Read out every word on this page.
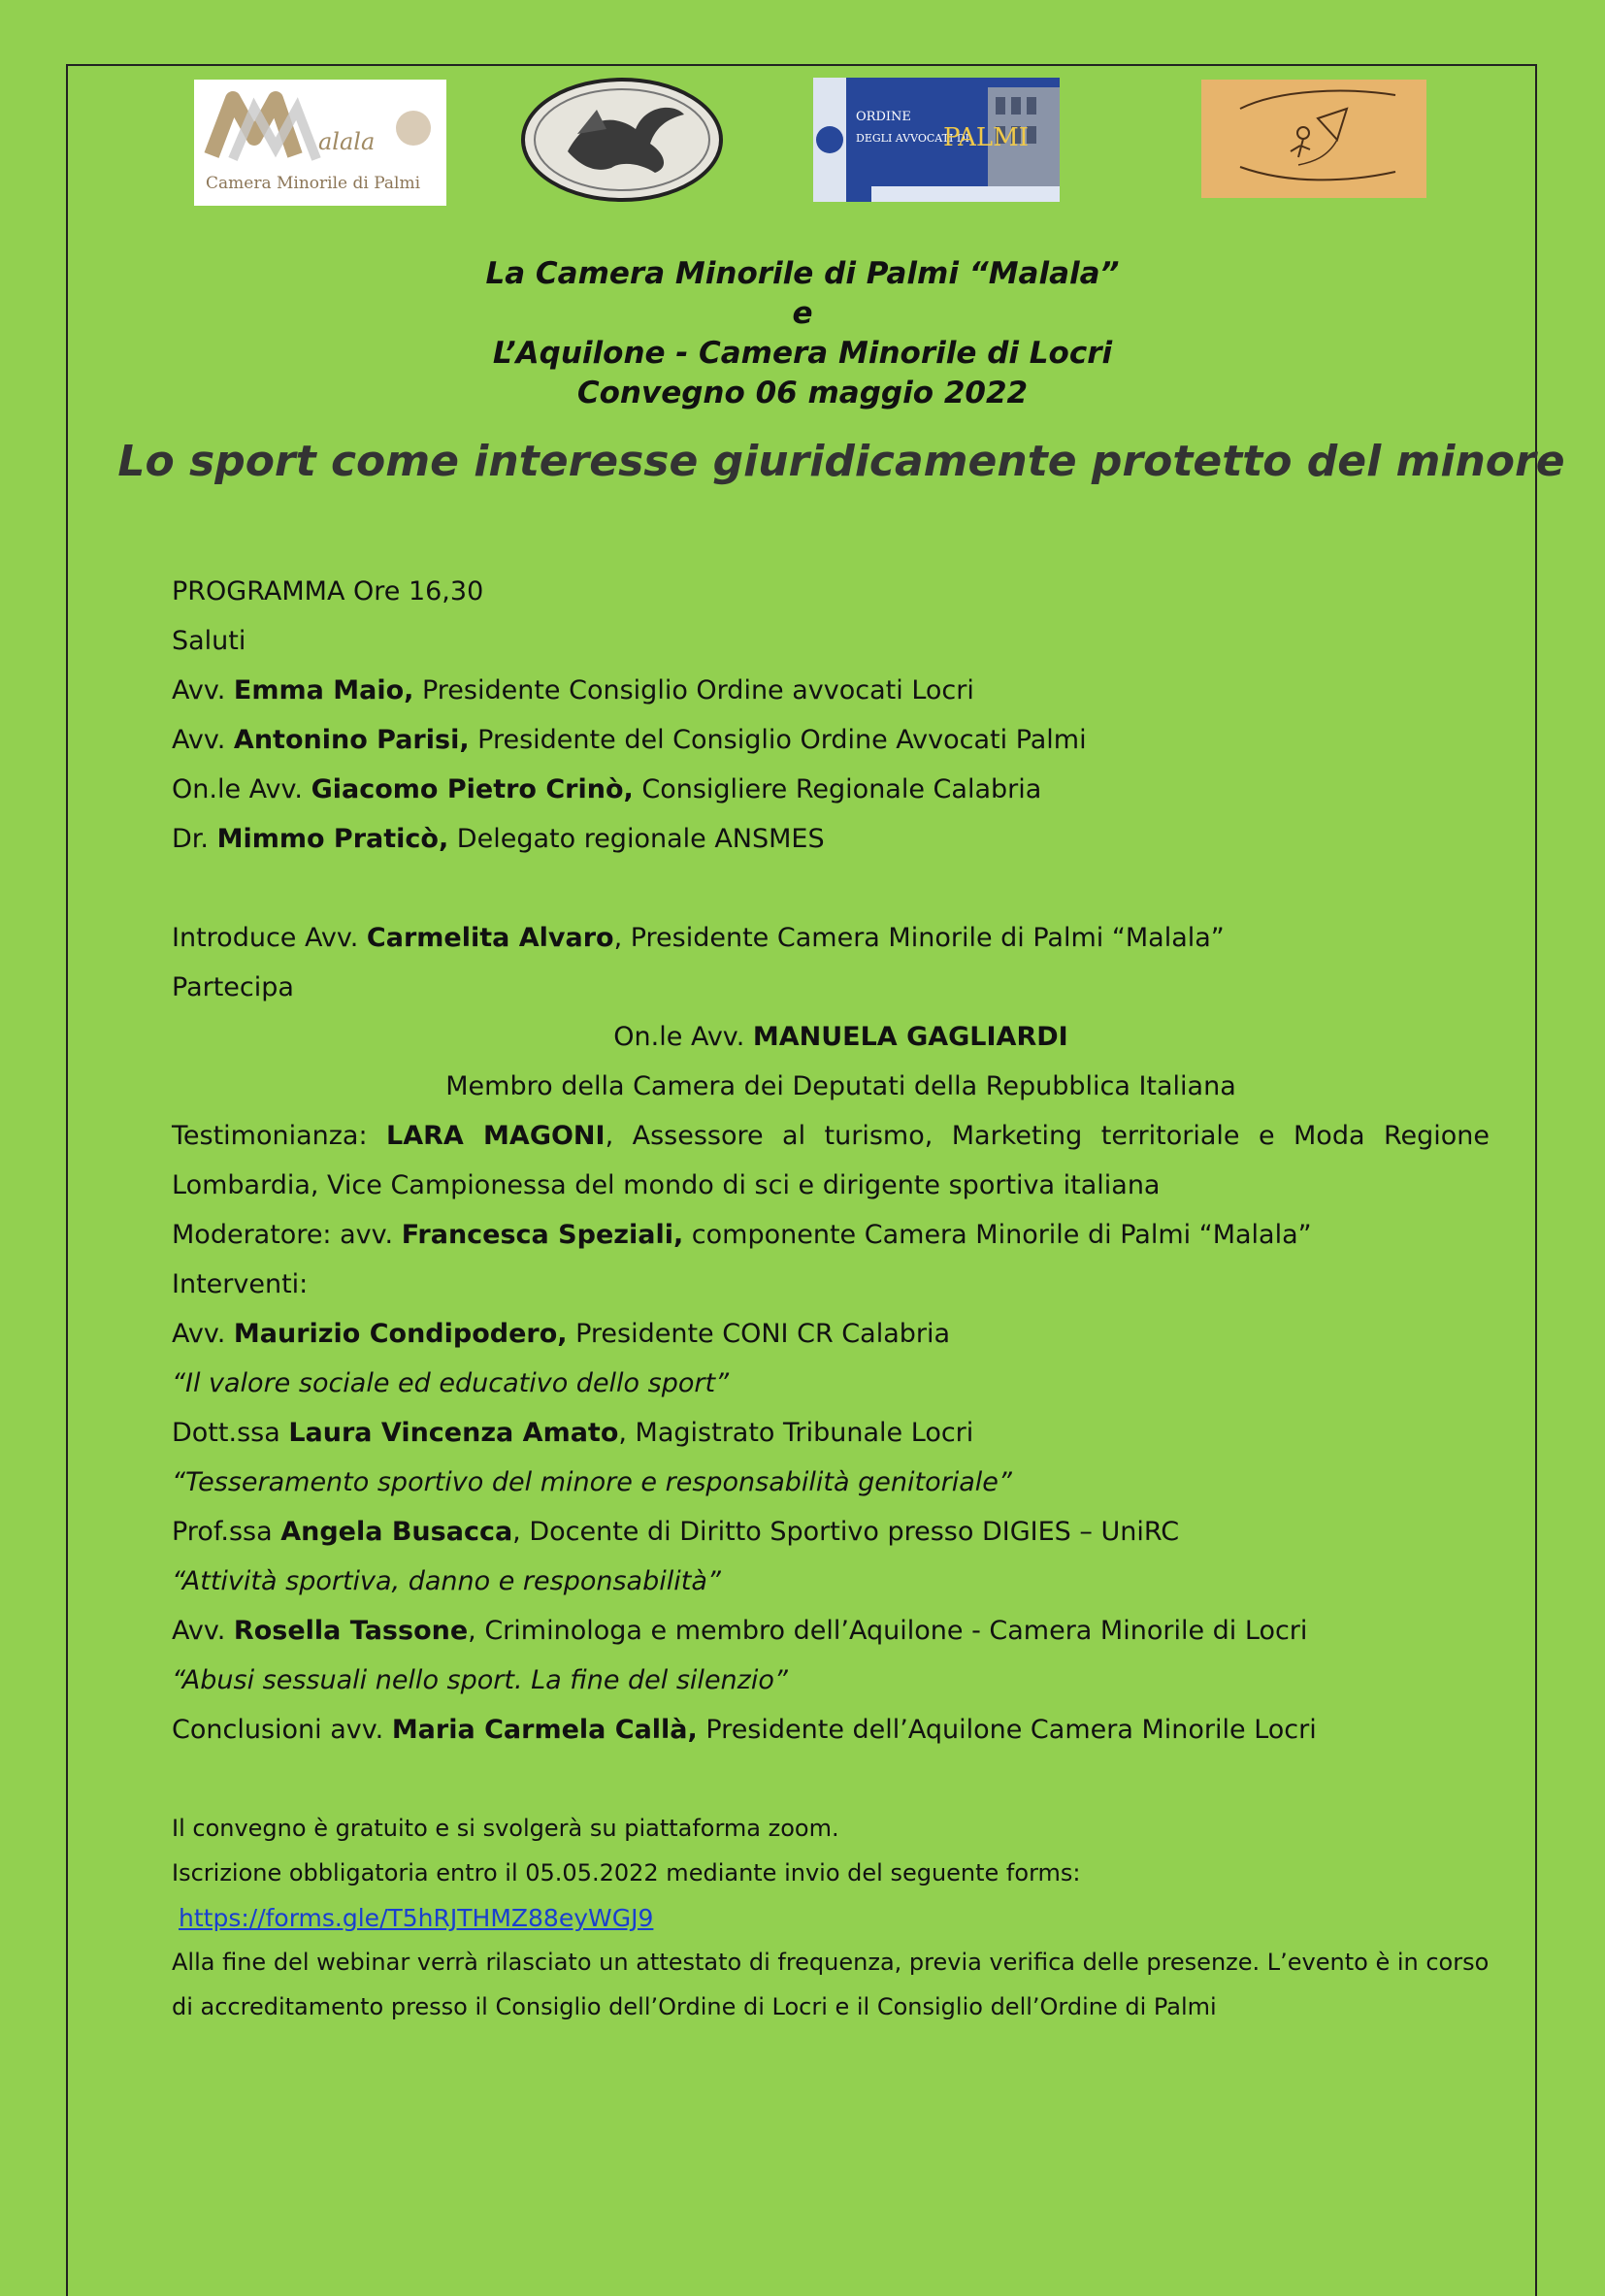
alala
Camera Minorile di Palmi
ORDINE
DEGLI AVVOCATI DI
PALMI
La Camera Minorile di Palmi “Malala”
e
L’Aquilone - Camera Minorile di Locri
Convegno 06 maggio 2022
Lo sport come interesse giuridicamente protetto del minore
PROGRAMMA Ore 16,30
Saluti
Avv. Emma Maio, Presidente Consiglio Ordine avvocati Locri
Avv. Antonino Parisi, Presidente del Consiglio Ordine Avvocati Palmi
On.le Avv. Giacomo Pietro Crinò, Consigliere Regionale Calabria
Dr. Mimmo Praticò, Delegato regionale ANSMES
Introduce Avv. Carmelita Alvaro, Presidente Camera Minorile di Palmi “Malala”
Partecipa
On.le Avv. MANUELA GAGLIARDI
Membro della Camera dei Deputati della Repubblica Italiana
Testimonianza: LARA MAGONI, Assessore al turismo, Marketing territoriale e Moda Regione
Lombardia, Vice Campionessa del mondo di sci e dirigente sportiva italiana
Moderatore: avv. Francesca Speziali, componente Camera Minorile di Palmi “Malala”
Interventi:
Avv. Maurizio Condipodero, Presidente CONI CR Calabria
“Il valore sociale ed educativo dello sport”
Dott.ssa Laura Vincenza Amato, Magistrato Tribunale Locri
“Tesseramento sportivo del minore e responsabilità genitoriale”
Prof.ssa Angela Busacca, Docente di Diritto Sportivo presso DIGIES – UniRC
“Attività sportiva, danno e responsabilità”
Avv. Rosella Tassone, Criminologa e membro dell’Aquilone - Camera Minorile di Locri
“Abusi sessuali nello sport. La fine del silenzio”
Conclusioni avv. Maria Carmela Callà, Presidente dell’Aquilone Camera Minorile Locri
Il convegno è gratuito e si svolgerà su piattaforma zoom.
Iscrizione obbligatoria entro il 05.05.2022 mediante invio del seguente forms:
https://forms.gle/T5hRJTHMZ88eyWGJ9
Alla fine del webinar verrà rilasciato un attestato di frequenza, previa verifica delle presenze. L’evento è in corso
di accreditamento presso il Consiglio dell’Ordine di Locri e il Consiglio dell’Ordine di Palmi
